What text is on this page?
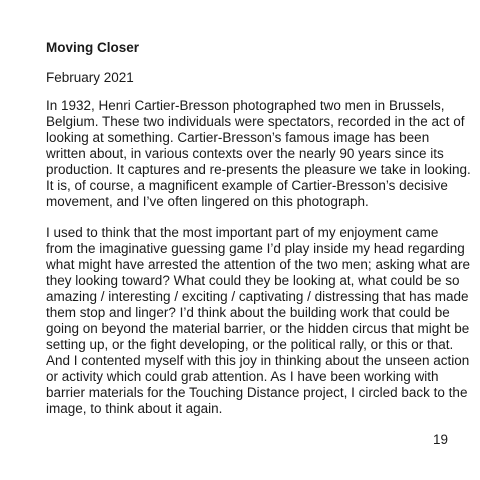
Moving Closer

February 2021

In 1932, Henri Cartier-Bresson photographed two men in Brussels,
Belgium. These two individuals were spectators, recorded in the act of
looking at something. Cartier-Bresson’s famous image has been
written about, in various contexts over the nearly 90 years since its
production. It captures and re-presents the pleasure we take in looking.
It is, of course, a magnificent example of Cartier-Bresson’s decisive
movement, and I’ve often lingered on this photograph.

I used to think that the most important part of my enjoyment came
from the imaginative guessing game I’d play inside my head regarding
what might have arrested the attention of the two men; asking what are
they looking toward? What could they be looking at, what could be so
amazing / interesting / exciting / captivating / distressing that has made
them stop and linger? I’d think about the building work that could be
going on beyond the material barrier, or the hidden circus that might be
setting up, or the fight developing, or the political rally, or this or that.
And I contented myself with this joy in thinking about the unseen action
or activity which could grab attention. As I have been working with
barrier materials for the Touching Distance project, I circled back to the
image, to think about it again.

19
